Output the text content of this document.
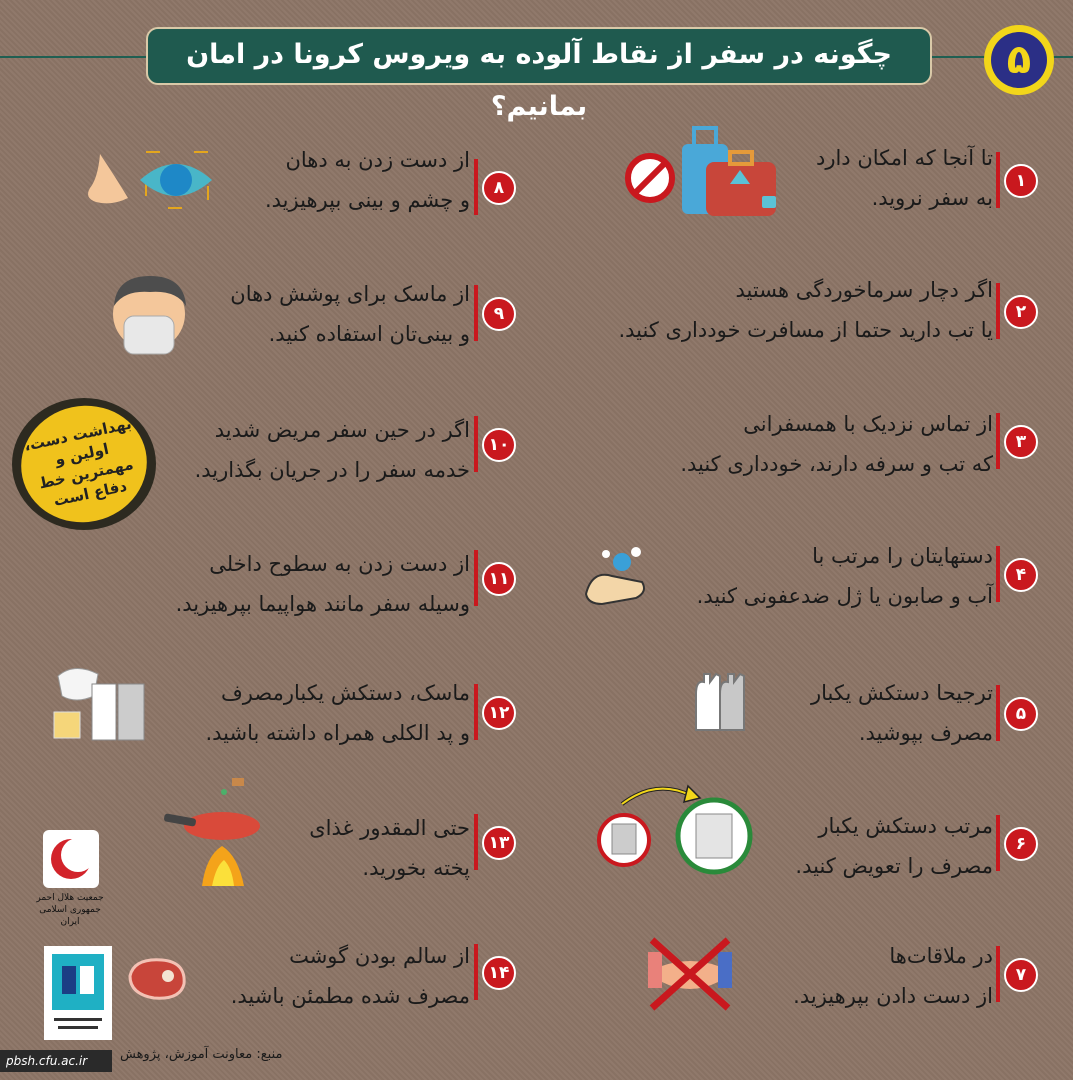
چگونه در سفر از نقاط آلوده به ویروس کرونا در امان بمانیم؟
۵
۱
تا آنجا که امکان دارد
به سفر نروید.
۲
اگر دچار سرماخوردگی هستید
یا تب دارید حتما از مسافرت خودداری کنید.
۳
از تماس نزدیک با همسفرانی
که تب و سرفه دارند، خودداری کنید.
۴
دستهایتان را مرتب با
آب و صابون یا ژل ضدعفونی کنید.
۵
ترجیحا دستکش یکبار
مصرف بپوشید.
۶
مرتب دستکش یکبار
مصرف را تعویض کنید.
۷
در ملاقات‌ها
از دست دادن بپرهیزید.
۸
از دست زدن به دهان
و چشم و بینی بپرهیزید.
۹
از ماسک برای پوشش دهان
و بینی‌تان استفاده کنید.
۱۰
اگر در حین سفر مریض شدید
خدمه سفر را در جریان بگذارید.
۱۱
از دست زدن به سطوح داخلی
وسیله سفر مانند هواپیما بپرهیزید.
۱۲
ماسک، دستکش یکبارمصرف
و پد الکلی همراه داشته باشید.
۱۳
حتی المقدور غذای
پخته بخورید.
۱۴
از سالم بودن گوشت
مصرف شده مطمئن باشید.
بهداشت دست، اولین و مهمترین خط دفاع است
جمعیت هلال احمر جمهوری اسلامی ایران
منبع: معاونت آموزش، پژوهش
pbsh.cfu.ac.ir
